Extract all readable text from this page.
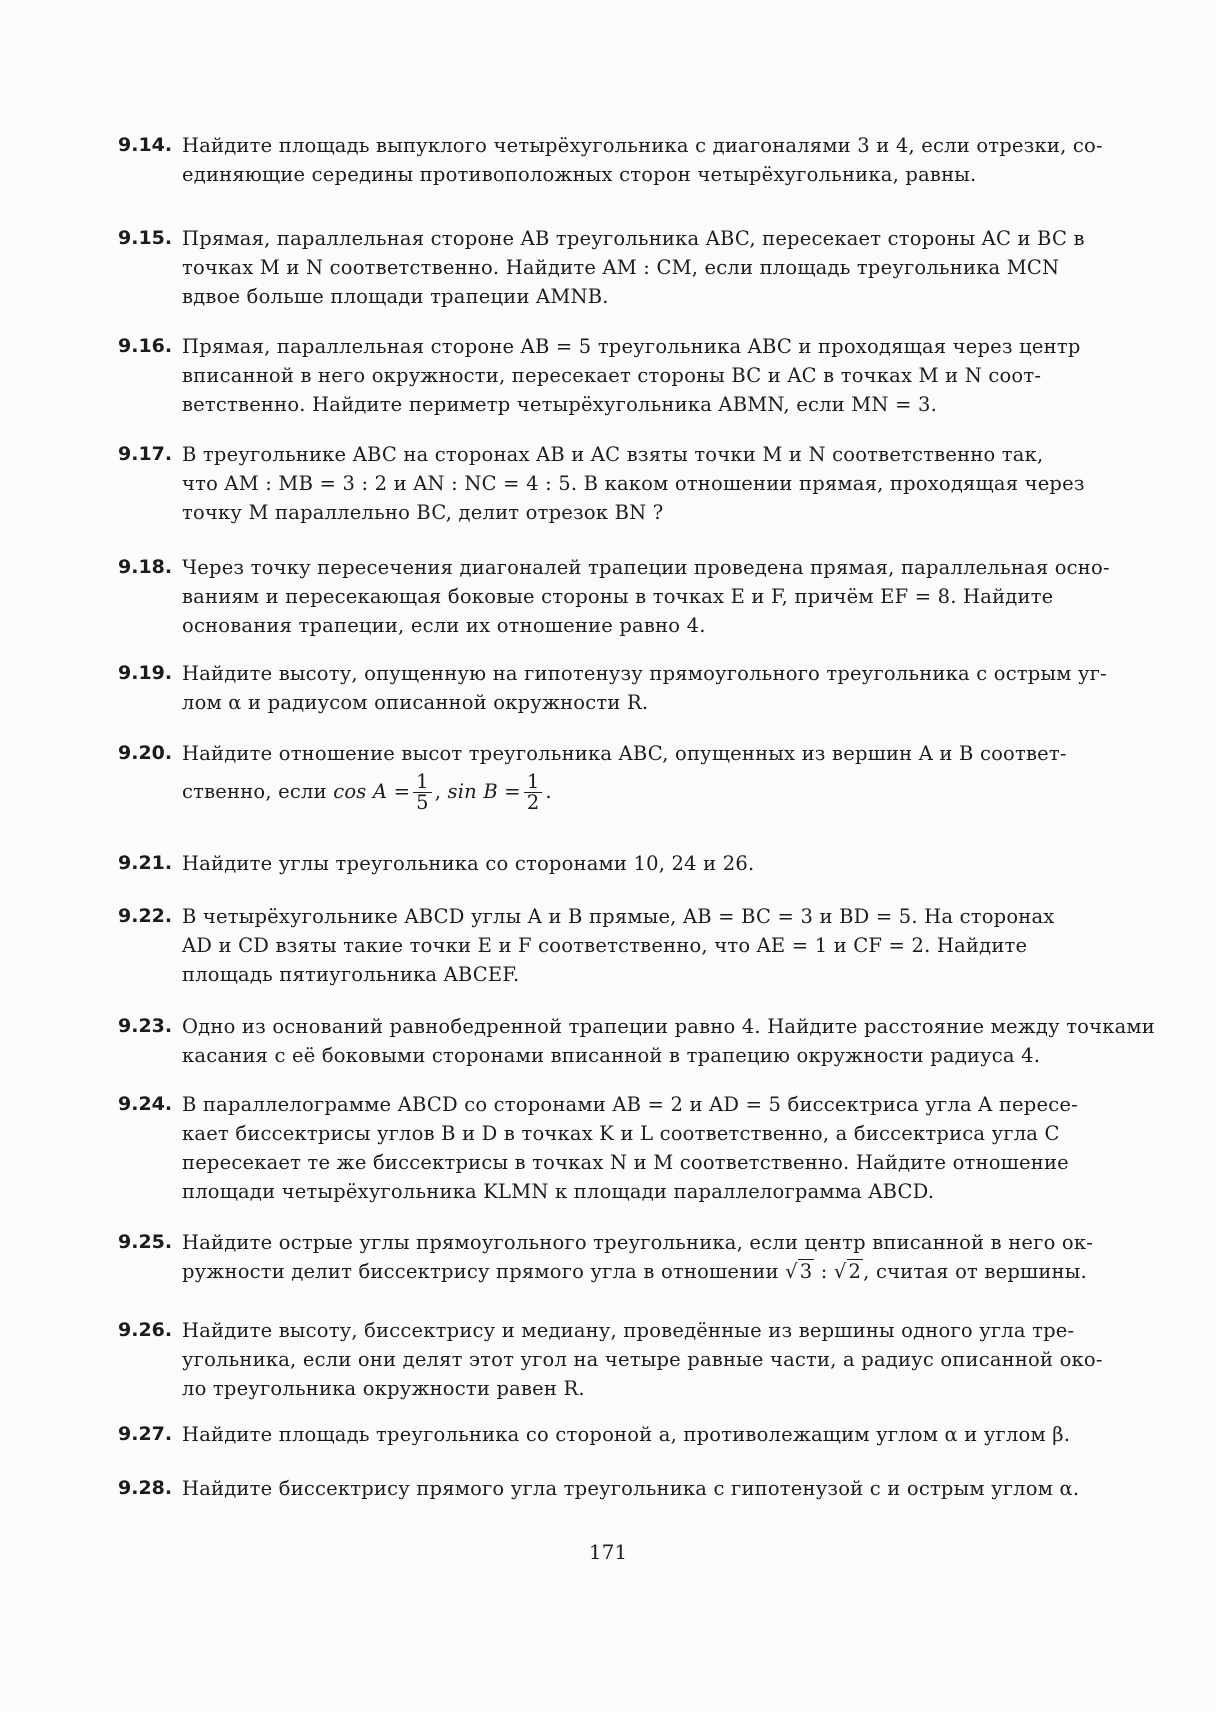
9.14. Найдите площадь выпуклого четырёхугольника с диагоналями 3 и 4, если отрезки, со-
единяющие середины противоположных сторон четырёхугольника, равны.
9.15. Прямая, параллельная стороне AB треугольника ABC, пересекает стороны AC и BC в
точках M и N соответственно. Найдите AM : CM, если площадь треугольника MCN
вдвое больше площади трапеции AMNB.
9.16. Прямая, параллельная стороне AB = 5 треугольника ABC и проходящая через центр
вписанной в него окружности, пересекает стороны BC и AC в точках M и N соот-
ветственно. Найдите периметр четырёхугольника ABMN, если MN = 3.
9.17. В треугольнике ABC на сторонах AB и AC взяты точки M и N соответственно так,
что AM : MB = 3 : 2 и AN : NC = 4 : 5. В каком отношении прямая, проходящая через
точку M параллельно BC, делит отрезок BN ?
9.18. Через точку пересечения диагоналей трапеции проведена прямая, параллельная осно-
ваниям и пересекающая боковые стороны в точках E и F, причём EF = 8. Найдите
основания трапеции, если их отношение равно 4.
9.19. Найдите высоту, опущенную на гипотенузу прямоугольного треугольника с острым уг-
лом α и радиусом описанной окружности R.
9.20. Найдите отношение высот треугольника ABC, опущенных из вершин A и B соответ-
ственно, если $\cos A = \frac{1}{5}$ , $\sin B = \frac{1}{2}$ .
9.21. Найдите углы треугольника со сторонами 10, 24 и 26.
9.22. В четырёхугольнике ABCD углы A и B прямые, AB = BC = 3 и BD = 5. На сторонах
AD и CD взяты такие точки E и F соответственно, что AE = 1 и CF = 2. Найдите
площадь пятиугольника ABCEF.
9.23. Одно из оснований равнобедренной трапеции равно 4. Найдите расстояние между точками
касания с её боковыми сторонами вписанной в трапецию окружности радиуса 4.
9.24. В параллелограмме ABCD со сторонами AB = 2 и AD = 5 биссектриса угла A пересе-
кает биссектрисы углов B и D в точках K и L соответственно, а биссектриса угла C
пересекает те же биссектрисы в точках N и M соответственно. Найдите отношение
площади четырёхугольника KLMN к площади параллелограмма ABCD.
9.25. Найдите острые углы прямоугольного треугольника, если центр вписанной в него ок-
ружности делит биссектрису прямого угла в отношении √ 3 : √ 2 , считая от вершины.
9.26. Найдите высоту, биссектрису и медиану, проведённые из вершины одного угла тре-
угольника, если они делят этот угол на четыре равные части, а радиус описанной око-
ло треугольника окружности равен R.
9.27. Найдите площадь треугольника со стороной a, противолежащим углом α и углом β.
9.28. Найдите биссектрису прямого угла треугольника с гипотенузой c и острым углом α.
171
